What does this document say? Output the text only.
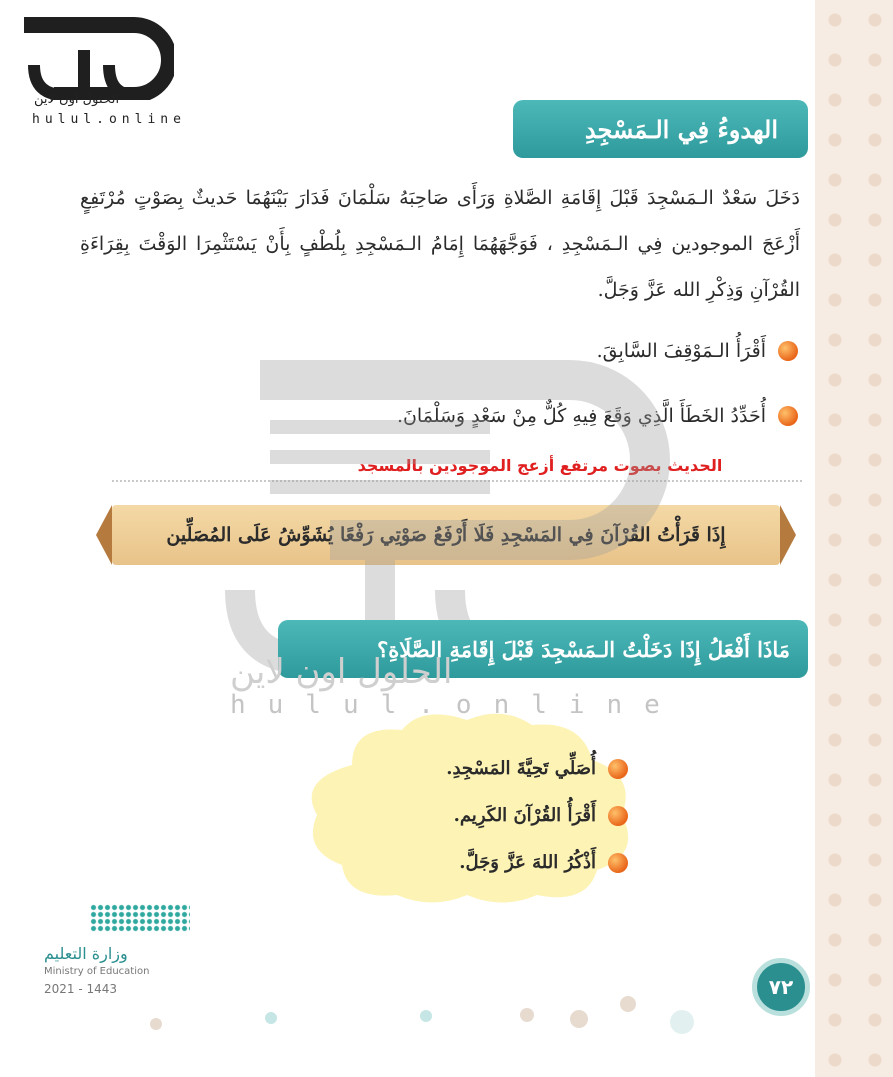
الحلول اون لاين
hulul.online	الهدوءُ فِي الـمَسْجِدِ
دَخَلَ سَعْدٌ الـمَسْجِدَ قَبْلَ إِقَامَةِ الصَّلاةِ وَرَأَى صَاحِبَهُ سَلْمَانَ فَدَارَ بَيْنَهُمَا حَديثٌ بِصَوْتٍ مُرْتَفِعٍ أَزْعَجَ الموجودين فِي الـمَسْجِدِ ، فَوَجَّهَهُمَا إِمَامُ الـمَسْجِدِ بِلُطْفٍ بِأَنْ يَسْتَثْمِرَا الوَقْتَ بِقِرَاءَةِ القُرْآنِ وَذِكْرِ الله عَزَّ وَجَلَّ.
أَقْرَأُ الـمَوْقِفَ السَّابِقَ.
أُحَدِّدُ الخَطَأَ الَّذِي وَقَعَ فِيهِ كُلٌّ مِنْ سَعْدٍ وَسَلْمَانَ.
الحديث بصوت مرتفع أزعج الموجودين بالمسجد
إِذَا قَرَأْتُ القُرْآنَ فِي المَسْجِدِ فَلَا أَرْفَعُ صَوْتِي رَفْعًا يُشَوِّشُ عَلَى المُصَلِّين
مَاذَا أَفْعَلُ إِذَا دَخَلْتُ الـمَسْجِدَ قَبْلَ إِقَامَةِ الصَّلَاةِ؟
الحلول اون لاين
hulul.online
أُصَلِّي تَحِيَّةَ المَسْجِدِ.
أَقْرَأُ القُرْآنَ الكَرِيم.
أَذْكُرُ اللهَ عَزَّ وَجَلَّ.
وزارة التعليم
Ministry of Education
2021 - 1443	٧٢
